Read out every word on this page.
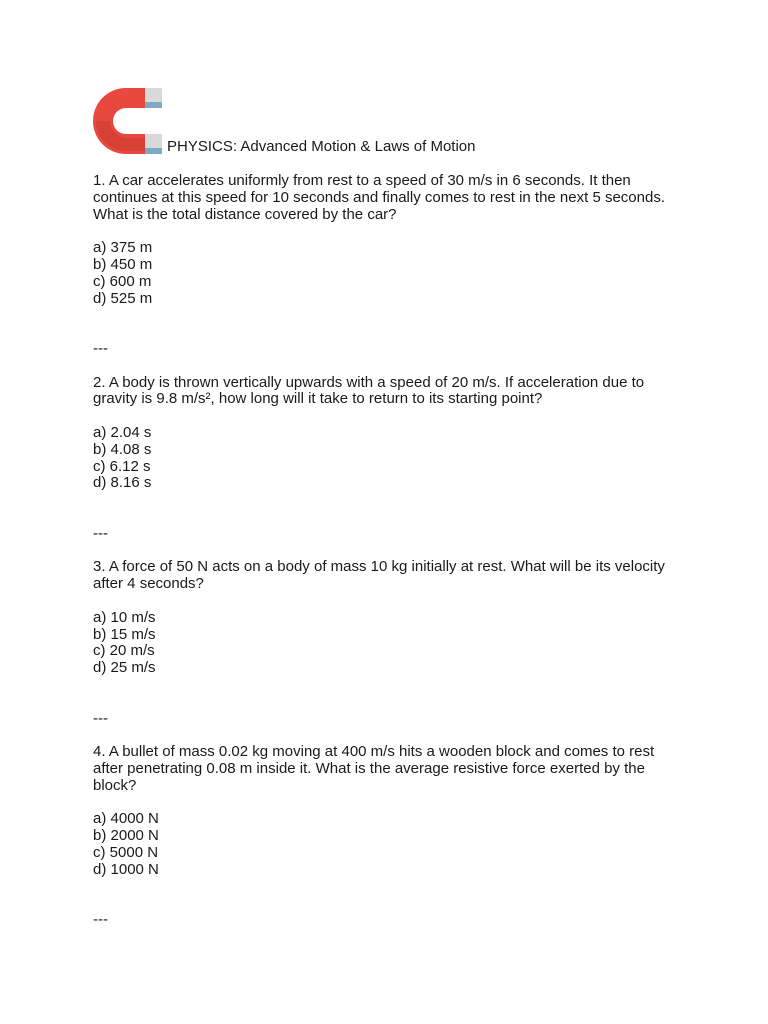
PHYSICS: Advanced Motion & Laws of Motion

1. A car accelerates uniformly from rest to a speed of 30 m/s in 6 seconds. It then continues at this speed for 10 seconds and finally comes to rest in the next 5 seconds. What is the total distance covered by the car?

a) 375 m
b) 450 m
c) 600 m
d) 525 m
---

2. A body is thrown vertically upwards with a speed of 20 m/s. If acceleration due to gravity is 9.8 m/s², how long will it take to return to its starting point?

a) 2.04 s
b) 4.08 s
c) 6.12 s
d) 8.16 s
---

3. A force of 50 N acts on a body of mass 10 kg initially at rest. What will be its velocity after 4 seconds?

a) 10 m/s
b) 15 m/s
c) 20 m/s
d) 25 m/s
---

4. A bullet of mass 0.02 kg moving at 400 m/s hits a wooden block and comes to rest after penetrating 0.08 m inside it. What is the average resistive force exerted by the block?

a) 4000 N
b) 2000 N
c) 5000 N
d) 1000 N
---
